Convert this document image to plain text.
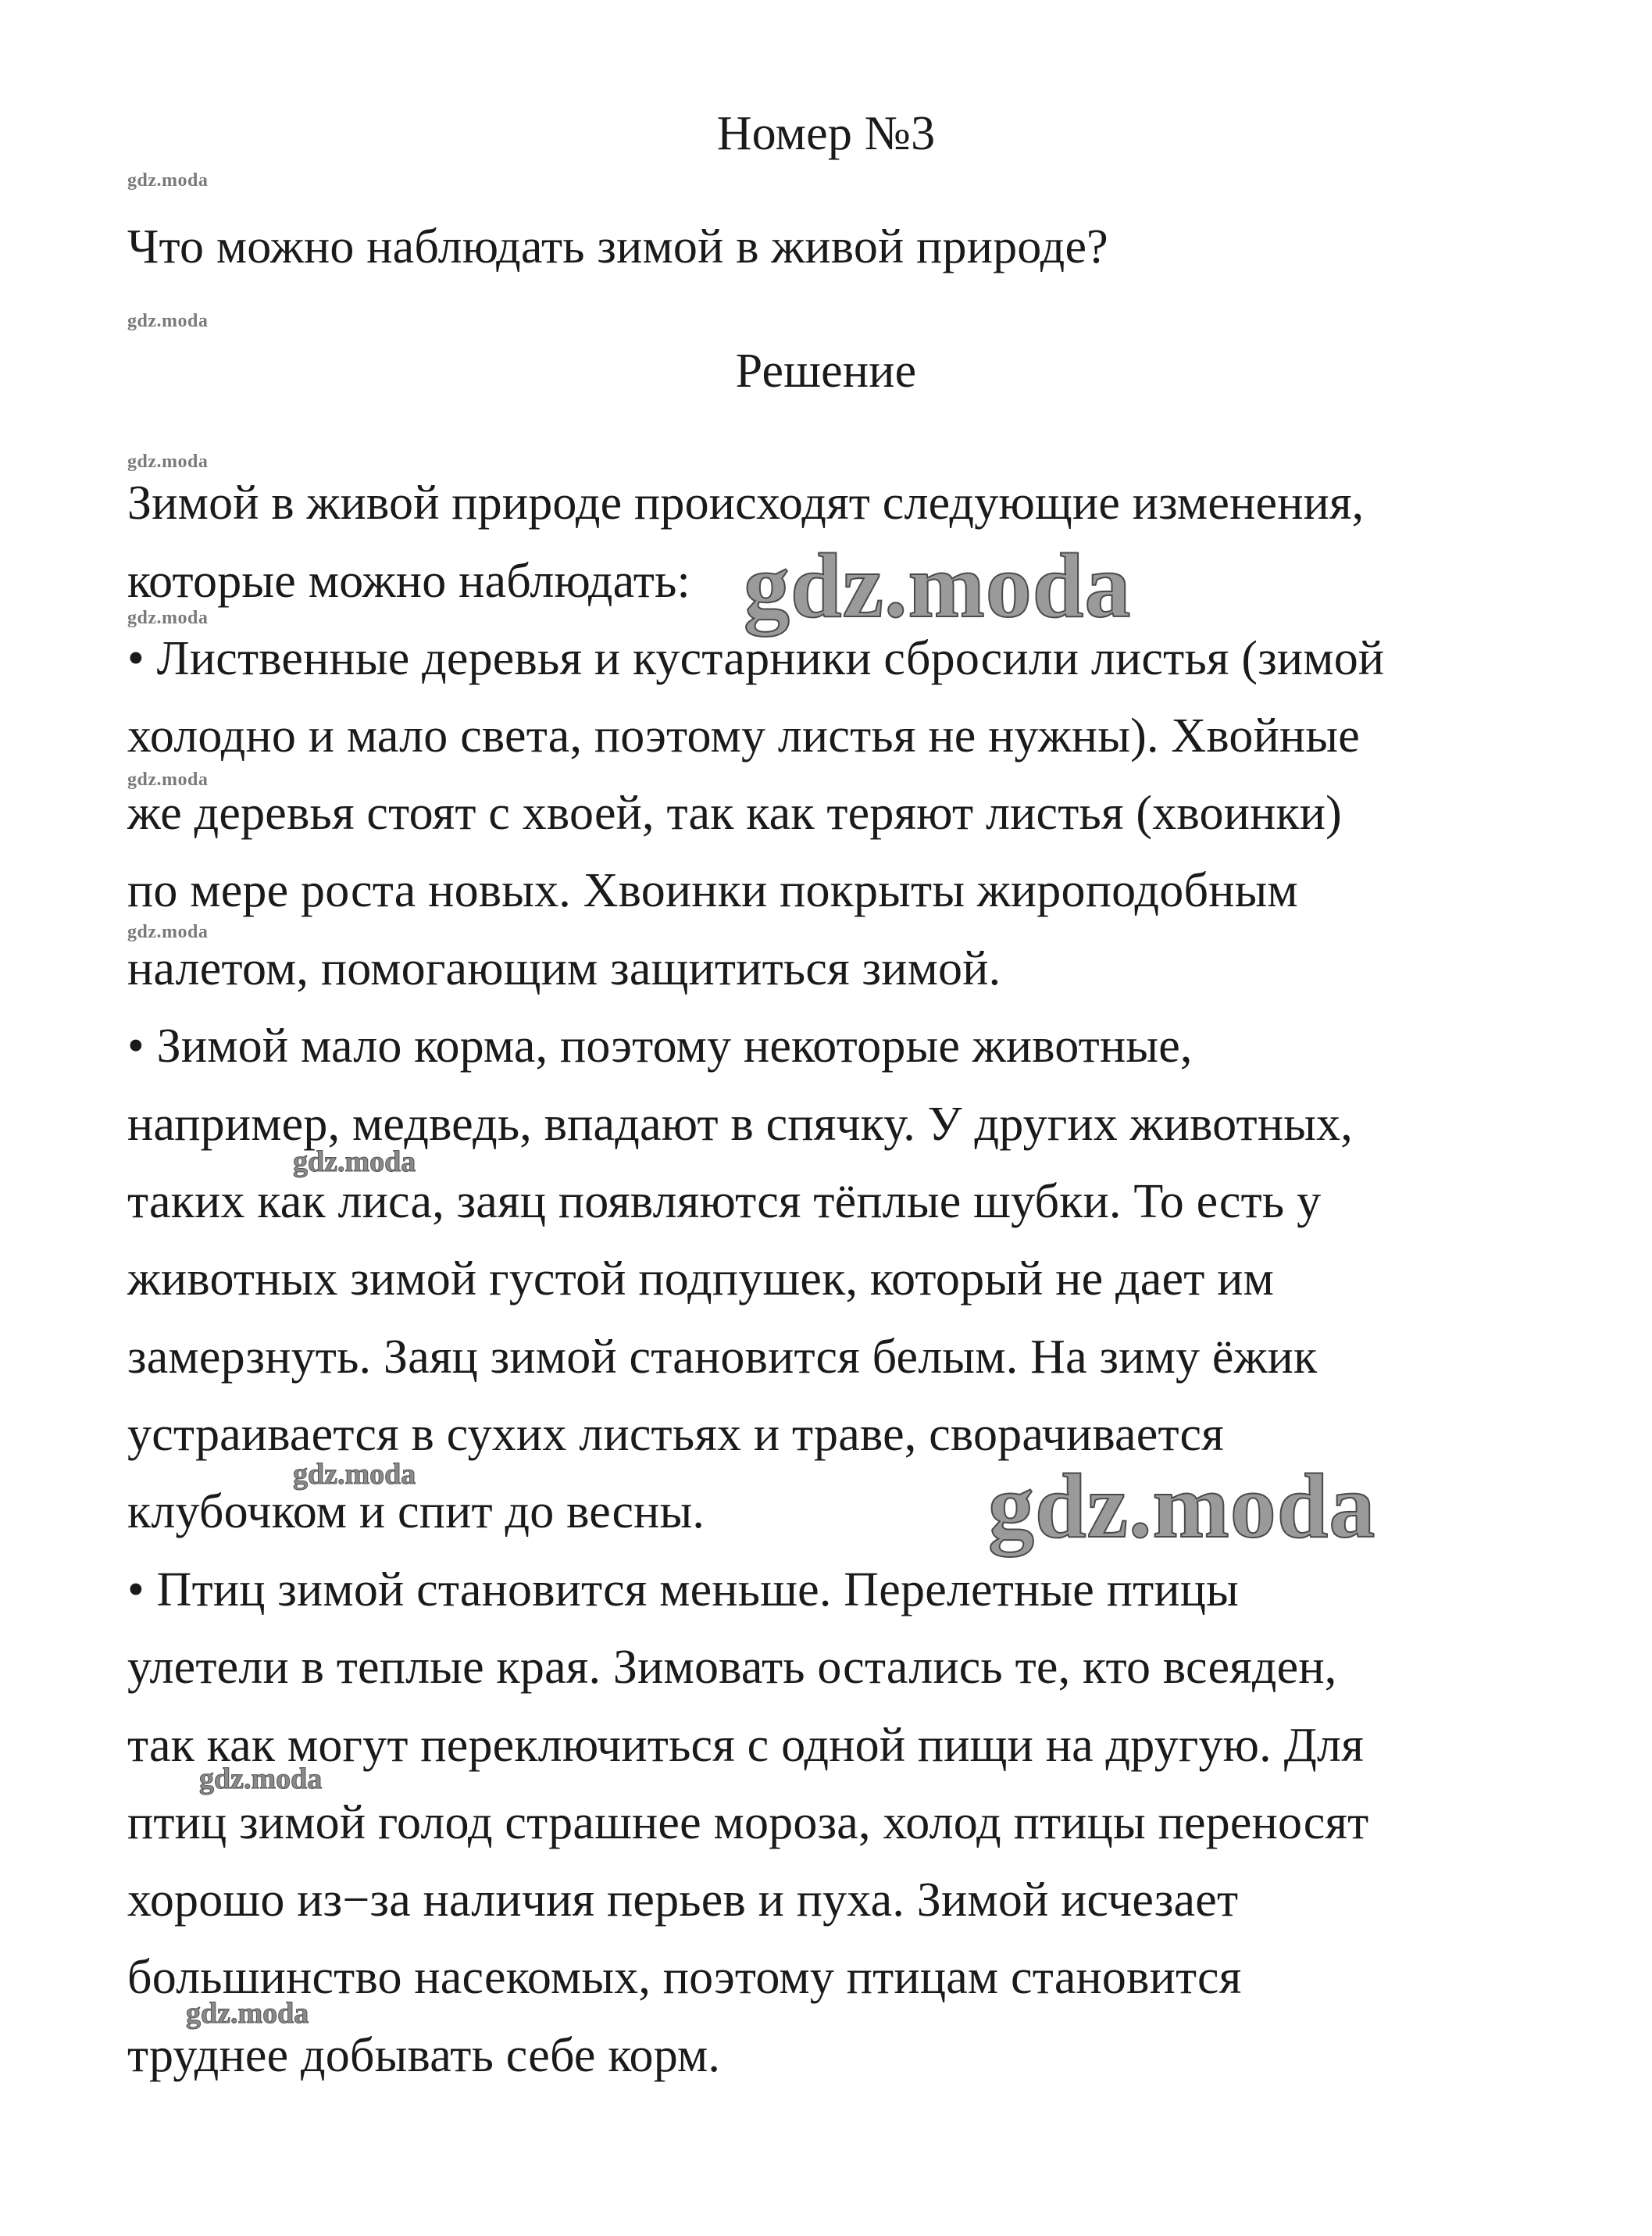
Номер №3
gdz.moda
Что можно наблюдать зимой в живой природе?
gdz.moda
Решение
gdz.moda
Зимой в живой природе происходят следующие изменения,
которые можно наблюдать: gdz.moda
gdz.moda
• Лиственные деревья и кустарники сбросили листья (зимой
холодно и мало света, поэтому листья не нужны). Хвойные
gdz.moda
же деревья стоят с хвоей, так как теряют листья (хвоинки)
по мере роста новых. Хвоинки покрыты жироподобным
gdz.moda
налетом, помогающим защититься зимой.
• Зимой мало корма, поэтому некоторые животные,
например, медведь, впадают в спячку. У других животных,
gdz.moda
таких как лиса, заяц появляются тёплые шубки. То есть у
животных зимой густой подпушек, который не дает им
замерзнуть. Заяц зимой становится белым. На зиму ёжик
устраивается в сухих листьях и траве, сворачивается
gdz.moda
клубочком и спит до весны.	gdz.moda
• Птиц зимой становится меньше. Перелетные птицы
улетели в теплые края. Зимовать остались те, кто всеяден,
так как могут переключиться с одной пищи на другую. Для
gdz.moda
птиц зимой голод страшнее мороза, холод птицы переносят
хорошо из−за наличия перьев и пуха. Зимой исчезает
большинство насекомых, поэтому птицам становится
gdz.moda
труднее добывать себе корм.
